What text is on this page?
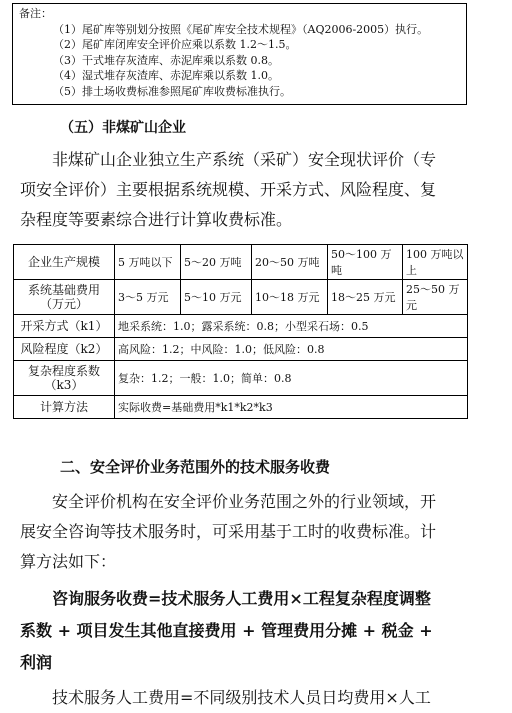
备注：
（1）尾矿库等别划分按照《尾矿库安全技术规程》（AQ2006-2005）执行。
（2）尾矿库闭库安全评价应乘以系数 1.2～1.5。
（3）干式堆存灰渣库、赤泥库乘以系数 0.8。
（4）湿式堆存灰渣库、赤泥库乘以系数 1.0。
（5）排土场收费标准参照尾矿库收费标准执行。
（五）非煤矿山企业
非煤矿山企业独立生产系统（采矿）安全现状评价（专
项安全评价）主要根据系统规模、开采方式、风险程度、复
杂程度等要素综合进行计算收费标准。
企业生产规模	5 万吨以下	5～20 万吨	20～50 万吨	50～100 万吨	100 万吨以上
系统基础费用（万元）	3～5 万元	5～10 万元	10～18 万元	18～25 万元	25～50 万元
开采方式（k1）	地采系统：1.0；露采系统：0.8；小型采石场：0.5				
风险程度（k2）	高风险：1.2；中风险：1.0；低风险：0.8				
复杂程度系数（k3）	复杂：1.2；一般：1.0；简单：0.8				
计算方法	实际收费=基础费用*k1*k2*k3				
二、安全评价业务范围外的技术服务收费
安全评价机构在安全评价业务范围之外的行业领域，开
展安全咨询等技术服务时，可采用基于工时的收费标准。计
算方法如下：
咨询服务收费=技术服务人工费用×工程复杂程度调整
系数 + 项目发生其他直接费用 + 管理费用分摊 + 税金 +
利润
技术服务人工费用=不同级别技术人员日均费用×人工
